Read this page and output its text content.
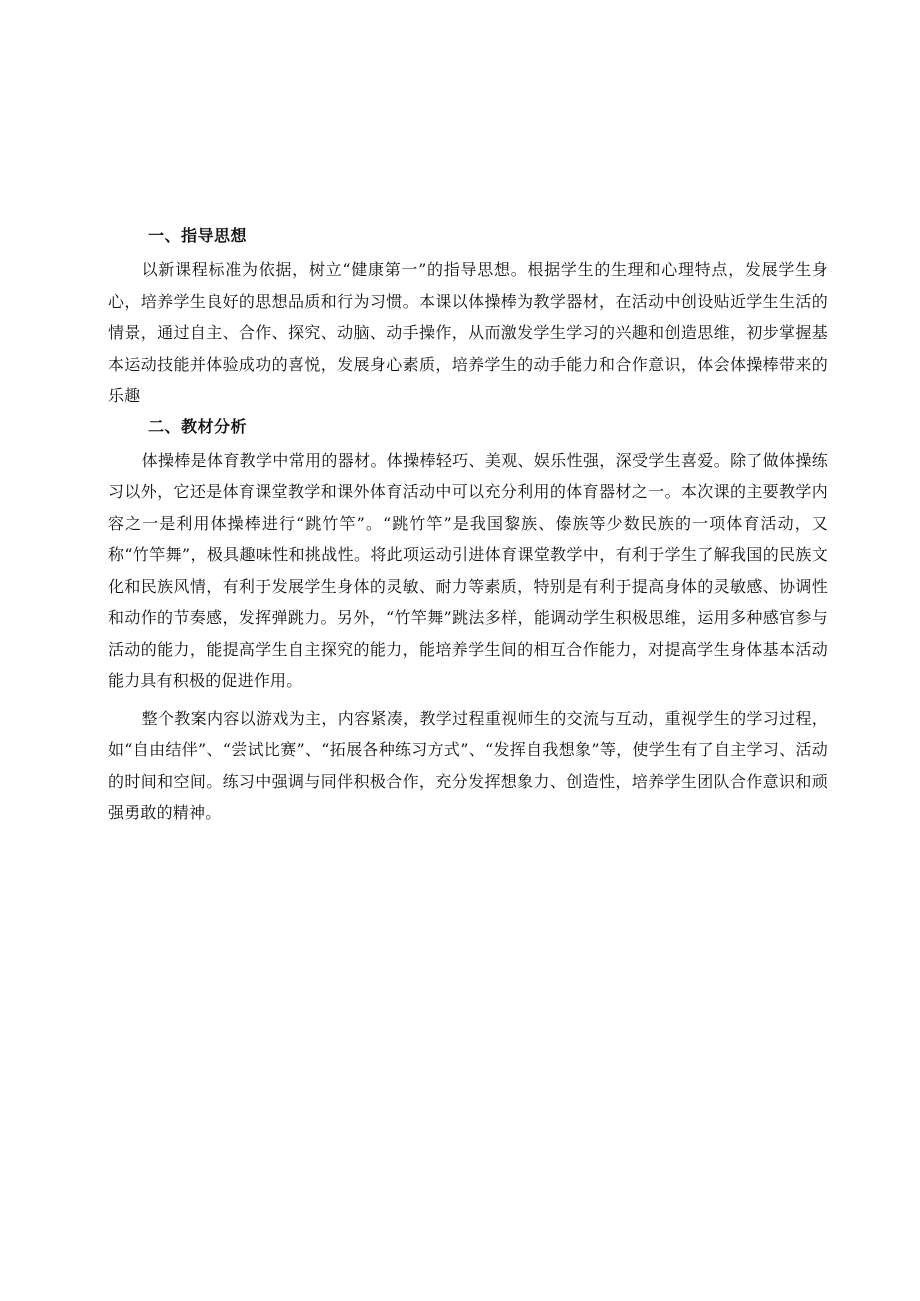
一、指导思想

以新课程标准为依据，树立“健康第一”的指导思想。根据学生的生理和心理特点，发展学生身心，培养学生良好的思想品质和行为习惯。本课以体操棒为教学器材，在活动中创设贴近学生生活的情景，通过自主、合作、探究、动脑、动手操作，从而激发学生学习的兴趣和创造思维，初步掌握基本运动技能并体验成功的喜悦，发展身心素质，培养学生的动手能力和合作意识，体会体操棒带来的乐趣

二、教材分析

体操棒是体育教学中常用的器材。体操棒轻巧、美观、娱乐性强，深受学生喜爱。除了做体操练习以外，它还是体育课堂教学和课外体育活动中可以充分利用的体育器材之一。本次课的主要教学内容之一是利用体操棒进行“跳竹竿”。“跳竹竿”是我国黎族、傣族等少数民族的一项体育活动，又称“竹竿舞”，极具趣味性和挑战性。将此项运动引进体育课堂教学中，有利于学生了解我国的民族文化和民族风情，有利于发展学生身体的灵敏、耐力等素质，特别是有利于提高身体的灵敏感、协调性和动作的节奏感，发挥弹跳力。另外，“竹竿舞”跳法多样，能调动学生积极思维，运用多种感官参与活动的能力，能提高学生自主探究的能力，能培养学生间的相互合作能力，对提高学生身体基本活动能力具有积极的促进作用。

整个教案内容以游戏为主，内容紧凑，教学过程重视师生的交流与互动，重视学生的学习过程，如“自由结伴”、“尝试比赛”、“拓展各种练习方式”、“发挥自我想象”等，使学生有了自主学习、活动的时间和空间。练习中强调与同伴积极合作，充分发挥想象力、创造性，培养学生团队合作意识和顽强勇敢的精神。
